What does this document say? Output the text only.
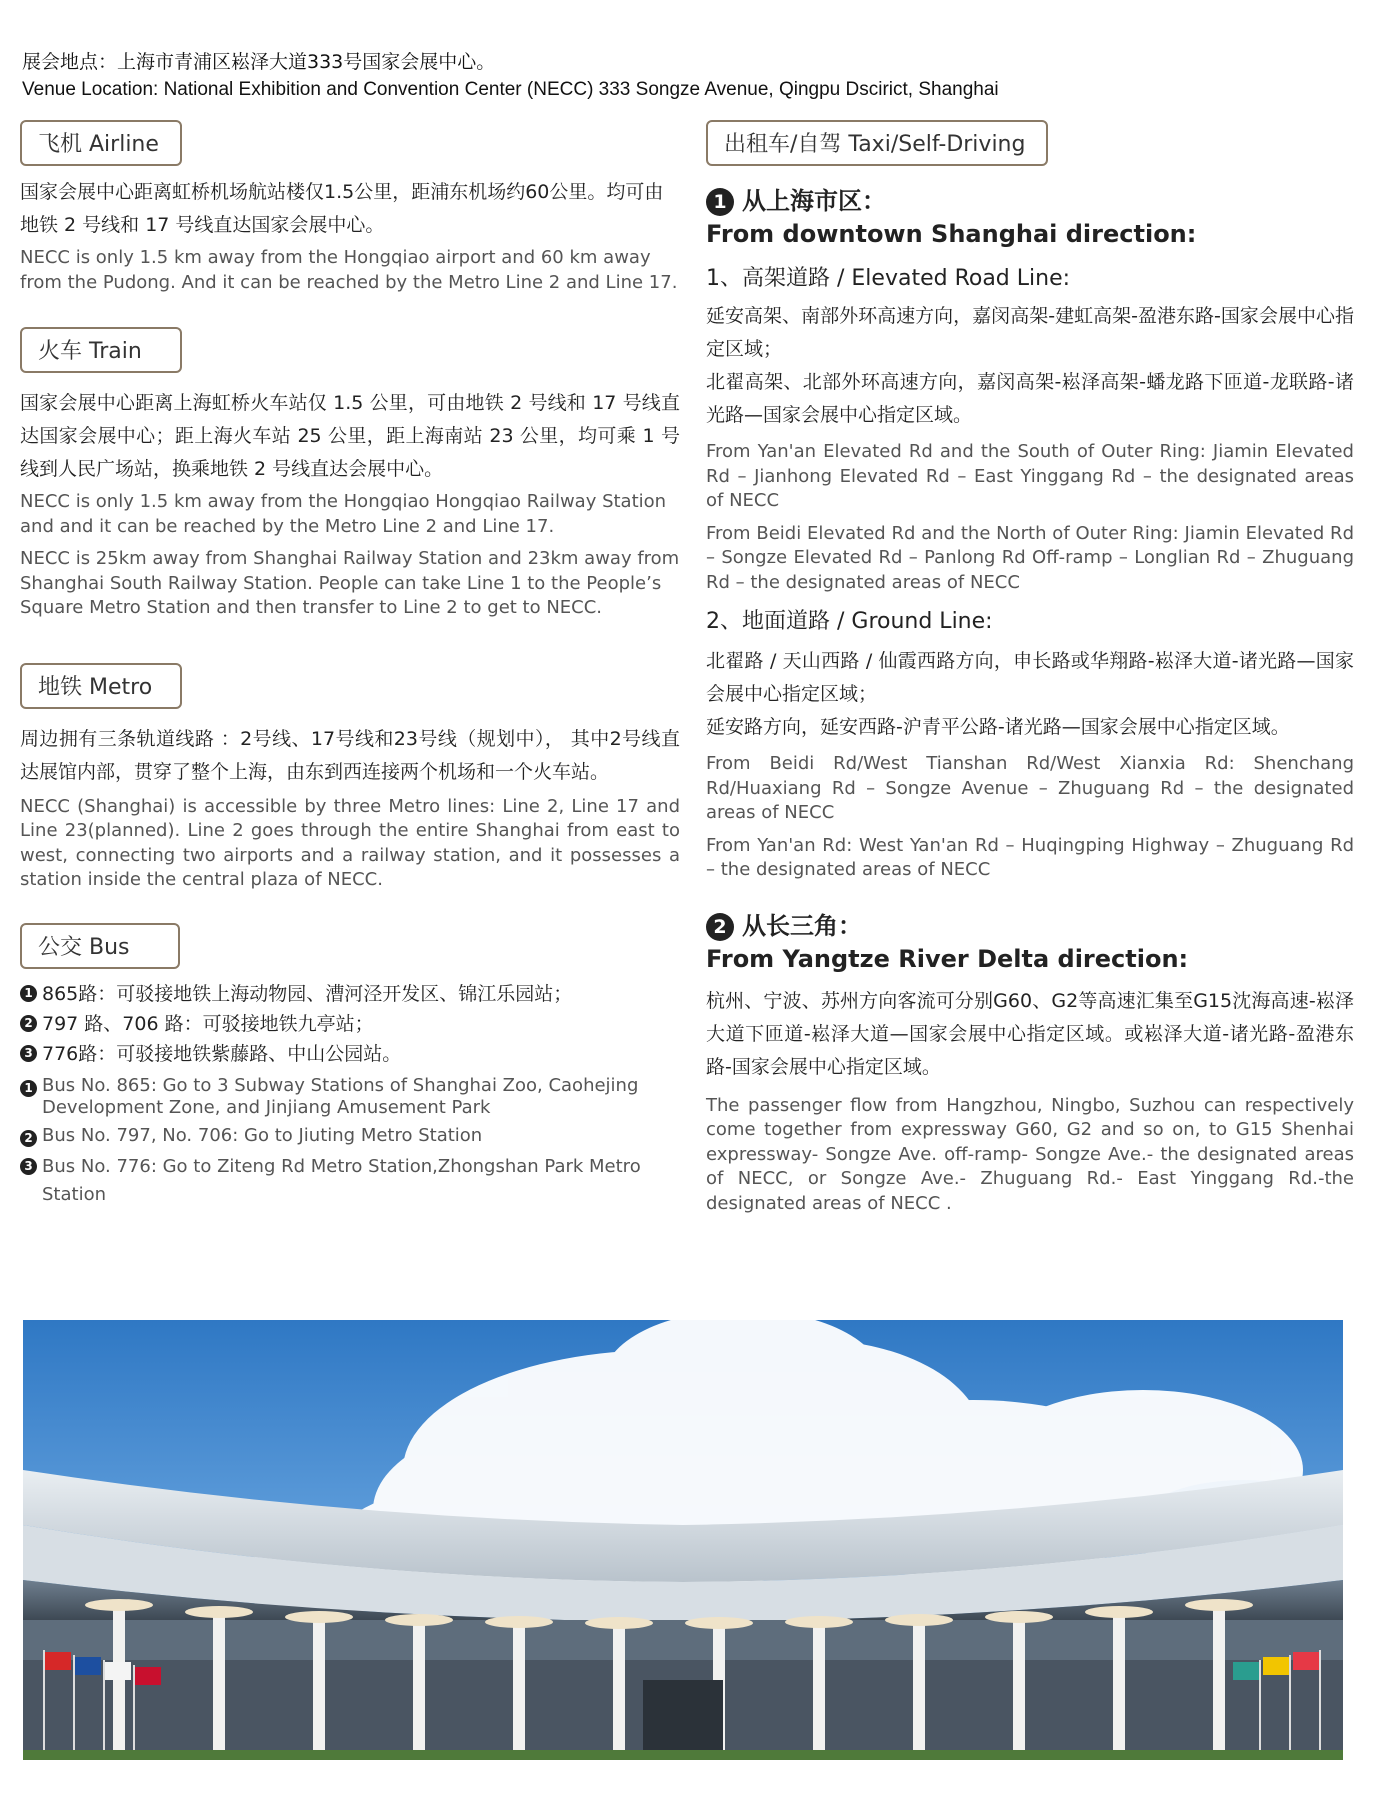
展会地点：上海市青浦区崧泽大道333号国家会展中心。
Venue Location: National Exhibition and Convention Center (NECC) 333 Songze Avenue, Qingpu Dscirict, Shanghai
飞机 Airline

国家会展中心距离虹桥机场航站楼仅1.5公里，距浦东机场约60公里。均可由地铁 2 号线和 17 号线直达国家会展中心。

NECC is only 1.5 km away from the Hongqiao airport and 60 km away from the Pudong. And it can be reached by the Metro Line 2 and Line 17.

火车 Train

国家会展中心距离上海虹桥火车站仅 1.5 公里，可由地铁 2 号线和 17 号线直达国家会展中心；距上海火车站 25 公里，距上海南站 23 公里，均可乘 1 号线到人民广场站，换乘地铁 2 号线直达会展中心。

NECC is only 1.5 km away from the Hongqiao Hongqiao Railway Station and and it can be reached by the Metro Line 2 and Line 17.

NECC is 25km away from Shanghai Railway Station and 23km away from Shanghai South Railway Station. People can take Line 1 to the People’s Square Metro Station and then transfer to Line 2 to get to NECC.

地铁 Metro

周边拥有三条轨道线路 ：2号线、17号线和23号线（规划中）， 其中2号线直达展馆内部，贯穿了整个上海，由东到西连接两个机场和一个火车站。

NECC (Shanghai) is accessible by three Metro lines: Line 2, Line 17 and Line 23(planned). Line 2 goes through the entire Shanghai from east to west, connecting two airports and a railway station, and it possesses a station inside the central plaza of NECC.

公交 Bus
1 865路：可驳接地铁上海动物园、漕河泾开发区、锦江乐园站；
2 797 路、706 路：可驳接地铁九亭站；
3 776路：可驳接地铁紫藤路、中山公园站。
1 Bus No. 865: Go to 3 Subway Stations of Shanghai Zoo, Caohejing Development Zone, and Jinjiang Amusement Park
2 Bus No. 797, No. 706: Go to Jiuting Metro Station
3 Bus No. 776: Go to Ziteng Rd Metro Station,Zhongshan Park Metro Station
出租车/自驾 Taxi/Self-Driving
1 从上海市区：
From downtown Shanghai direction:
1、高架道路 / Elevated Road Line:

延安高架、南部外环高速方向，嘉闵高架-建虹高架-盈港东路-国家会展中心指定区域；

北翟高架、北部外环高速方向，嘉闵高架-崧泽高架-蟠龙路下匝道-龙联路-诸光路—国家会展中心指定区域。

From Yan'an Elevated Rd and the South of Outer Ring: Jiamin Elevated Rd – Jianhong Elevated Rd – East Yinggang Rd – the designated areas of NECC

From Beidi Elevated Rd and the North of Outer Ring: Jiamin Elevated Rd – Songze Elevated Rd – Panlong Rd Off-ramp – Longlian Rd – Zhuguang Rd – the designated areas of NECC

2、地面道路 / Ground Line:

北翟路 / 天山西路 / 仙霞西路方向，申长路或华翔路-崧泽大道-诸光路—国家会展中心指定区域；

延安路方向，延安西路-沪青平公路-诸光路—国家会展中心指定区域。

From Beidi Rd/West Tianshan Rd/West Xianxia Rd: Shenchang Rd/Huaxiang Rd – Songze Avenue – Zhuguang Rd – the designated areas of NECC

From Yan'an Rd: West Yan'an Rd – Huqingping Highway – Zhuguang Rd – the designated areas of NECC

2 从长三角：
From Yangtze River Delta direction:

杭州、宁波、苏州方向客流可分别G60、G2等高速汇集至G15沈海高速-崧泽大道下匝道-崧泽大道—国家会展中心指定区域。或崧泽大道-诸光路-盈港东路-国家会展中心指定区域。

The passenger flow from Hangzhou, Ningbo, Suzhou can respectively come together from expressway G60, G2 and so on, to G15 Shenhai expressway- Songze Ave. off-ramp- Songze Ave.- the designated areas of NECC, or Songze Ave.- Zhuguang Rd.- East Yinggang Rd.-the designated areas of NECC .
